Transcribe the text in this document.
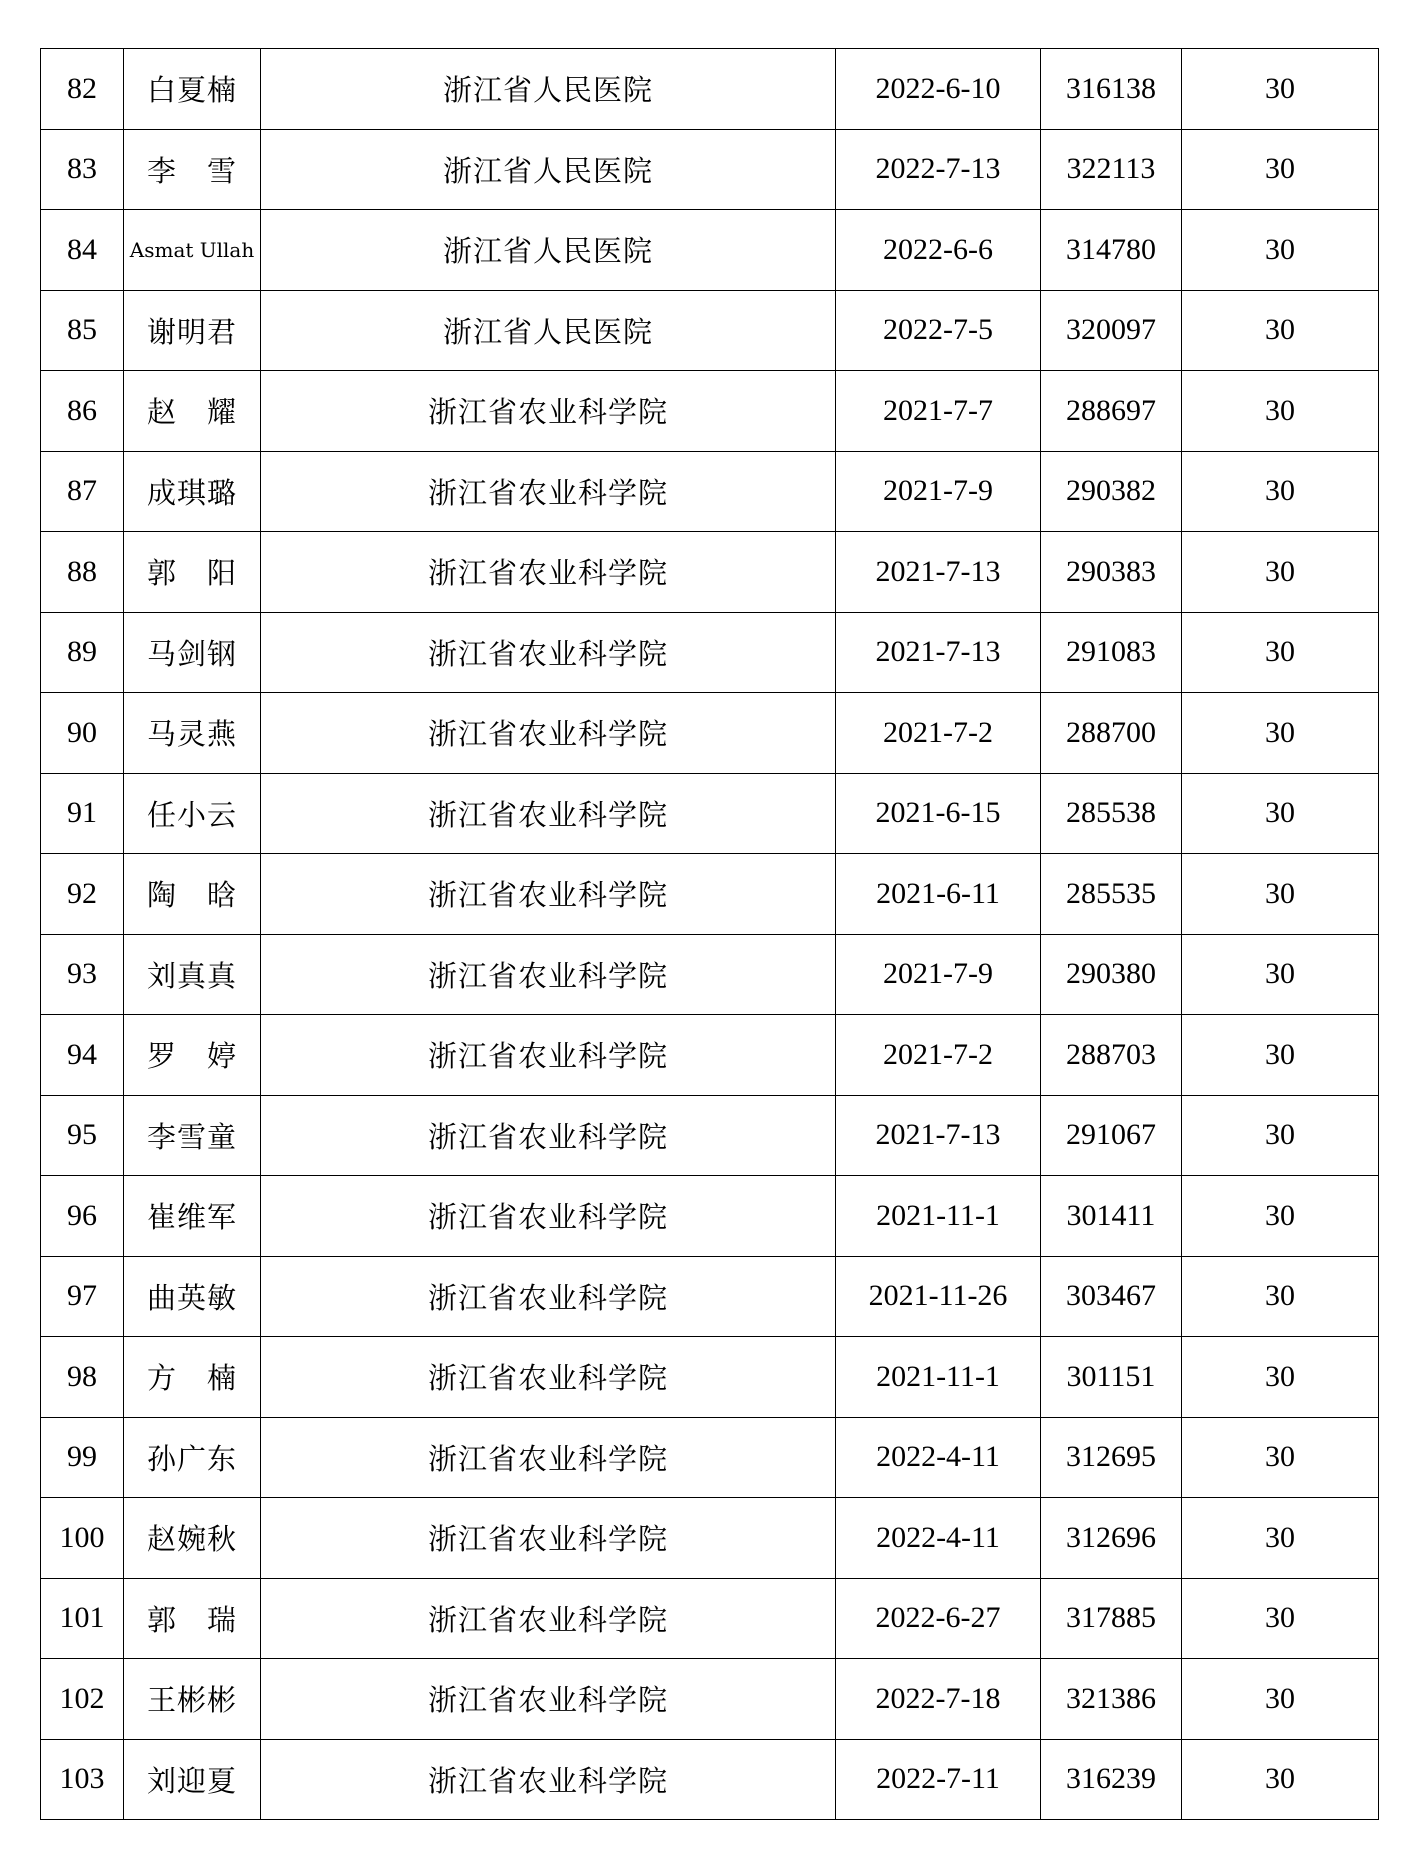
82	白夏楠	浙江省人民医院	2022-6-10	316138	30
83	李　雪	浙江省人民医院	2022-7-13	322113	30
84	Asmat Ullah	浙江省人民医院	2022-6-6	314780	30
85	谢明君	浙江省人民医院	2022-7-5	320097	30
86	赵　耀	浙江省农业科学院	2021-7-7	288697	30
87	成琪璐	浙江省农业科学院	2021-7-9	290382	30
88	郭　阳	浙江省农业科学院	2021-7-13	290383	30
89	马剑钢	浙江省农业科学院	2021-7-13	291083	30
90	马灵燕	浙江省农业科学院	2021-7-2	288700	30
91	任小云	浙江省农业科学院	2021-6-15	285538	30
92	陶　晗	浙江省农业科学院	2021-6-11	285535	30
93	刘真真	浙江省农业科学院	2021-7-9	290380	30
94	罗　婷	浙江省农业科学院	2021-7-2	288703	30
95	李雪童	浙江省农业科学院	2021-7-13	291067	30
96	崔维军	浙江省农业科学院	2021-11-1	301411	30
97	曲英敏	浙江省农业科学院	2021-11-26	303467	30
98	方　楠	浙江省农业科学院	2021-11-1	301151	30
99	孙广东	浙江省农业科学院	2022-4-11	312695	30
100	赵婉秋	浙江省农业科学院	2022-4-11	312696	30
101	郭　瑞	浙江省农业科学院	2022-6-27	317885	30
102	王彬彬	浙江省农业科学院	2022-7-18	321386	30
103	刘迎夏	浙江省农业科学院	2022-7-11	316239	30
